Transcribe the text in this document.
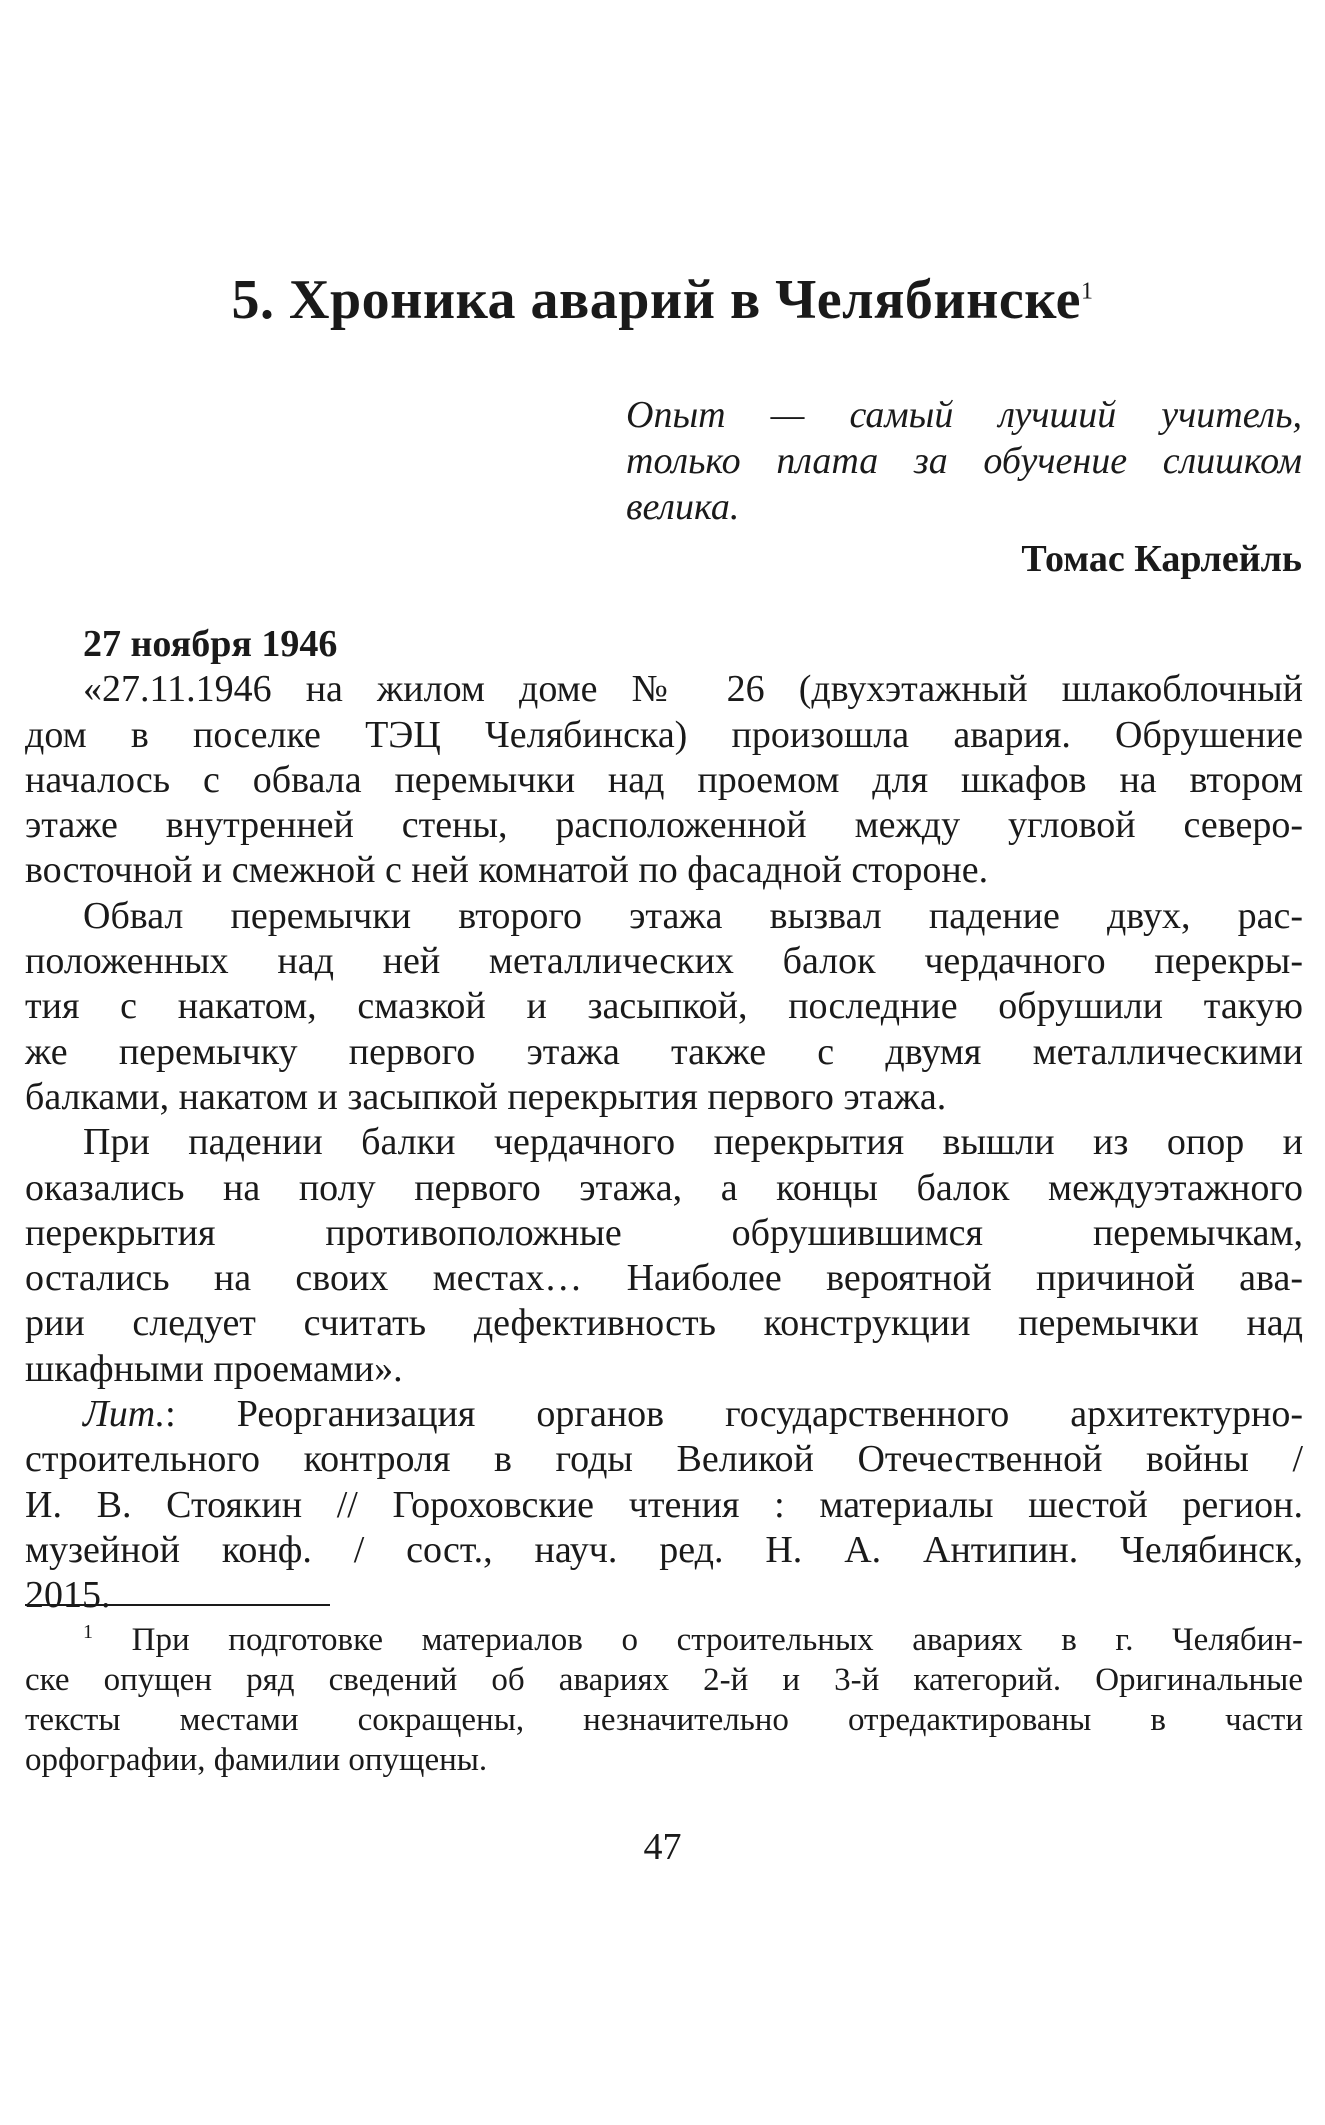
5. Хроника аварий в Челябинске$^1$
Опыт — самый лучший учитель,
только плата за обучение слишком
велика.
Томас Карлейль
27 ноября 1946
«27.11.1946 на жилом доме № 26 (двухэтажный шлакоблочный
дом в поселке ТЭЦ Челябинска) произошла авария. Обрушение
началось с обвала перемычки над проемом для шкафов на втором
этаже внутренней стены, расположенной между угловой северо-
восточной и смежной с ней комнатой по фасадной стороне.
Обвал перемычки второго этажа вызвал падение двух, рас-
положенных над ней металлических балок чердачного перекры-
тия с накатом, смазкой и засыпкой, последние обрушили такую
же перемычку первого этажа также с двумя металлическими
балками, накатом и засыпкой перекрытия первого этажа.
При падении балки чердачного перекрытия вышли из опор и
оказались на полу первого этажа, а концы балок междуэтажного
перекрытия противоположные обрушившимся перемычкам,
остались на своих местах… Наиболее вероятной причиной ава-
рии следует считать дефективность конструкции перемычки над
шкафными проемами».
Лит.: Реорганизация органов государственного архитектурно-
строительного контроля в годы Великой Отечественной войны /
И. В. Стоякин // Гороховские чтения : материалы шестой регион.
музейной конф. / сост., науч. ред. Н. А. Антипин. Челябинск,
2015.
$^1$ При подготовке материалов о строительных авариях в г. Челябин-
ске опущен ряд сведений об авариях 2-й и 3-й категорий. Оригинальные
тексты местами сокращены, незначительно отредактированы в части
орфографии, фамилии опущены.
47
